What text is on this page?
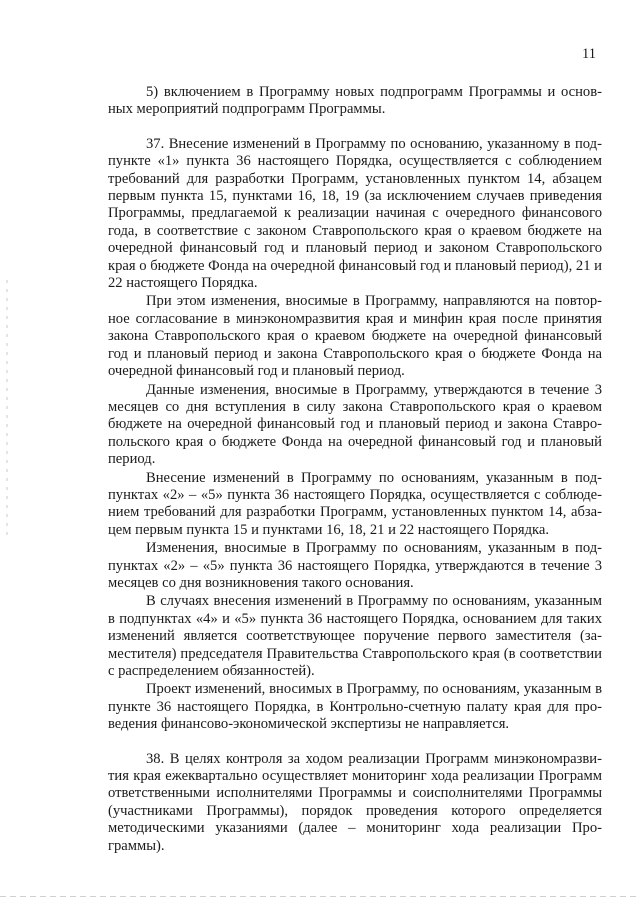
11

5) включением в Программу новых подпрограмм Программы и основных мероприятий подпрограмм Программы.

37. Внесение изменений в Программу по основанию, указанному в подпункте «1» пункта 36 настоящего Порядка, осуществляется с соблюдением требований для разработки Программ, установленных пунктом 14, абзацем первым пункта 15, пунктами 16, 18, 19 (за исключением случаев приведения Программы, предлагаемой к реализации начиная с очередного финансового года, в соответствие с законом Ставропольского края о краевом бюджете на очередной финансовый год и плановый период и законом Ставропольского края о бюджете Фонда на очередной финансовый год и плановый период), 21 и 22 настоящего Порядка.

При этом изменения, вносимые в Программу, направляются на повторное согласование в минэкономразвития края и минфин края после принятия закона Ставропольского края о краевом бюджете на очередной финансовый год и плановый период и закона Ставропольского края о бюджете Фонда на очередной финансовый год и плановый период.

Данные изменения, вносимые в Программу, утверждаются в течение 3 месяцев со дня вступления в силу закона Ставропольского края о краевом бюджете на очередной финансовый год и плановый период и закона Ставропольского края о бюджете Фонда на очередной финансовый год и плановый период.

Внесение изменений в Программу по основаниям, указанным в подпунктах «2» – «5» пункта 36 настоящего Порядка, осуществляется с соблюдением требований для разработки Программ, установленных пунктом 14, абзацем первым пункта 15 и пунктами 16, 18, 21 и 22 настоящего Порядка.

Изменения, вносимые в Программу по основаниям, указанным в подпунктах «2» – «5» пункта 36 настоящего Порядка, утверждаются в течение 3 месяцев со дня возникновения такого основания.

В случаях внесения изменений в Программу по основаниям, указанным в подпунктах «4» и «5» пункта 36 настоящего Порядка, основанием для таких изменений является соответствующее поручение первого заместителя (заместителя) председателя Правительства Ставропольского края (в соответствии с распределением обязанностей).

Проект изменений, вносимых в Программу, по основаниям, указанным в пункте 36 настоящего Порядка, в Контрольно-счетную палату края для проведения финансово-экономической экспертизы не направляется.

38. В целях контроля за ходом реализации Программ минэкономразвития края ежеквартально осуществляет мониторинг хода реализации Программ ответственными исполнителями Программы и соисполнителями Программы (участниками Программы), порядок проведения которого определяется методическими указаниями (далее – мониторинг хода реализации Программы).
